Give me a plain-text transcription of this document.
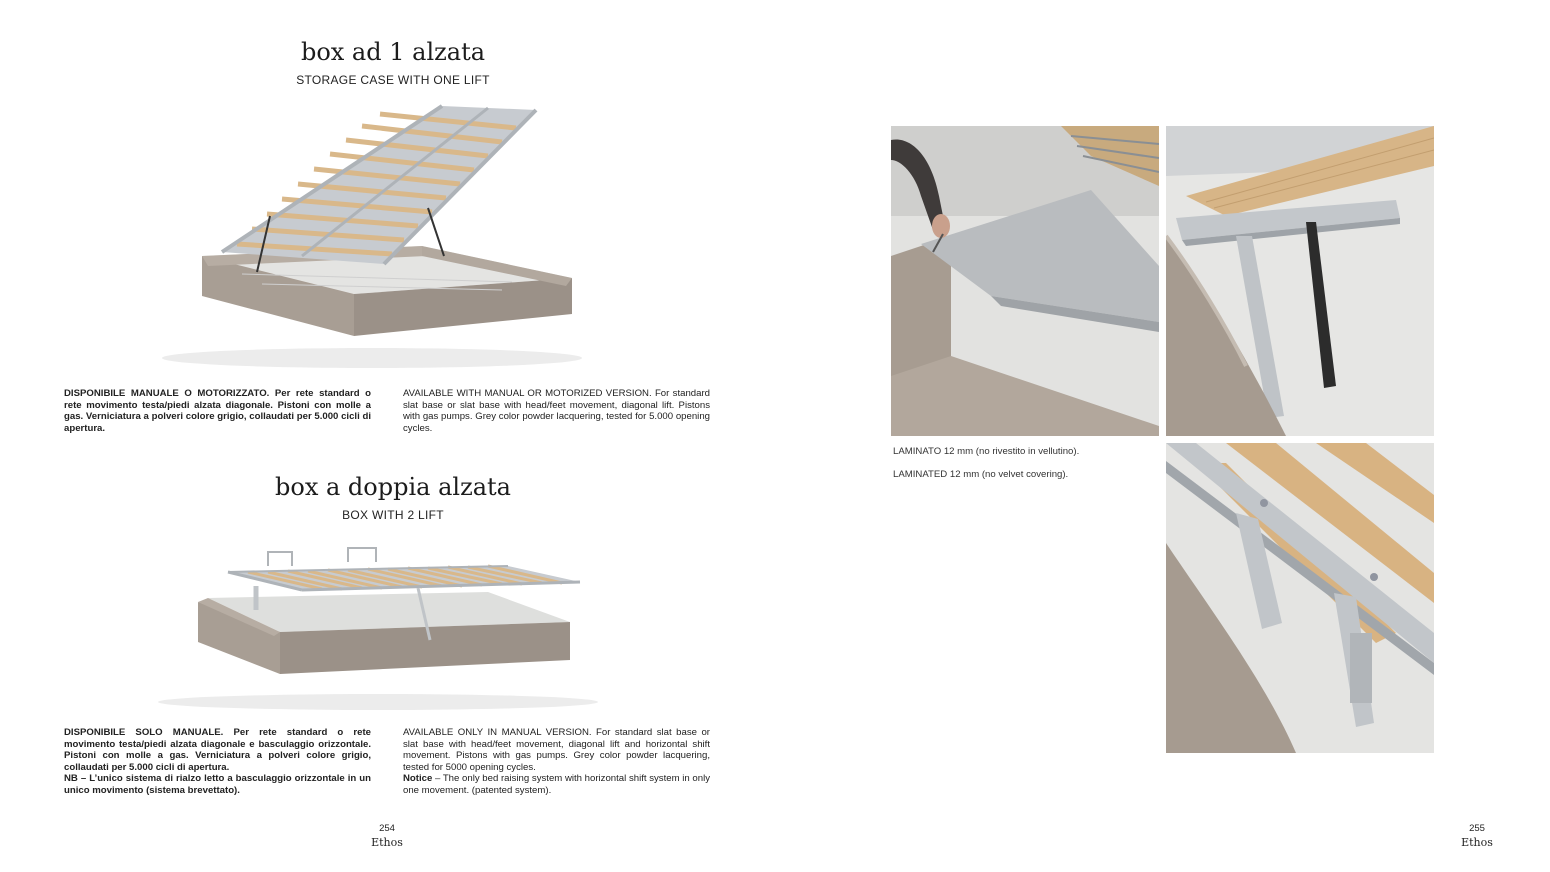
box ad 1 alzata
STORAGE CASE WITH ONE LIFT
DISPONIBILE MANUALE O MOTORIZZATO. Per rete standard o rete movimento testa/piedi alzata diagonale. Pistoni con molle a gas. Verniciatura a polveri colore grigio, collaudati per 5.000 cicli di apertura.
AVAILABLE WITH MANUAL OR MOTORIZED VERSION. For standard slat base or slat base with head/feet movement, diagonal lift. Pistons with gas pumps. Grey color powder lacquering, tested for 5.000 opening cycles.
box a doppia alzata
BOX WITH 2 LIFT
DISPONIBILE SOLO MANUALE. Per rete standard o rete movimento testa/piedi alzata diagonale e basculaggio orizzontale. Pistoni con molle a gas. Verniciatura a polveri colore grigio, collaudati per 5.000 cicli di apertura.
NB – L’unico sistema di rialzo letto a basculaggio orizzontale in un unico movimento (sistema brevettato).
AVAILABLE ONLY IN MANUAL VERSION. For standard slat base or slat base with head/feet movement, diagonal lift and horizontal shift movement. Pistons with gas pumps. Grey color powder lacquering, tested for 5000 opening cycles.
Notice – The only bed raising system with horizontal shift system in only one movement. (patented system).
254
Ethos
LAMINATO 12 mm (no rivestito in vellutino).
LAMINATED 12 mm (no velvet covering).
255
Ethos
